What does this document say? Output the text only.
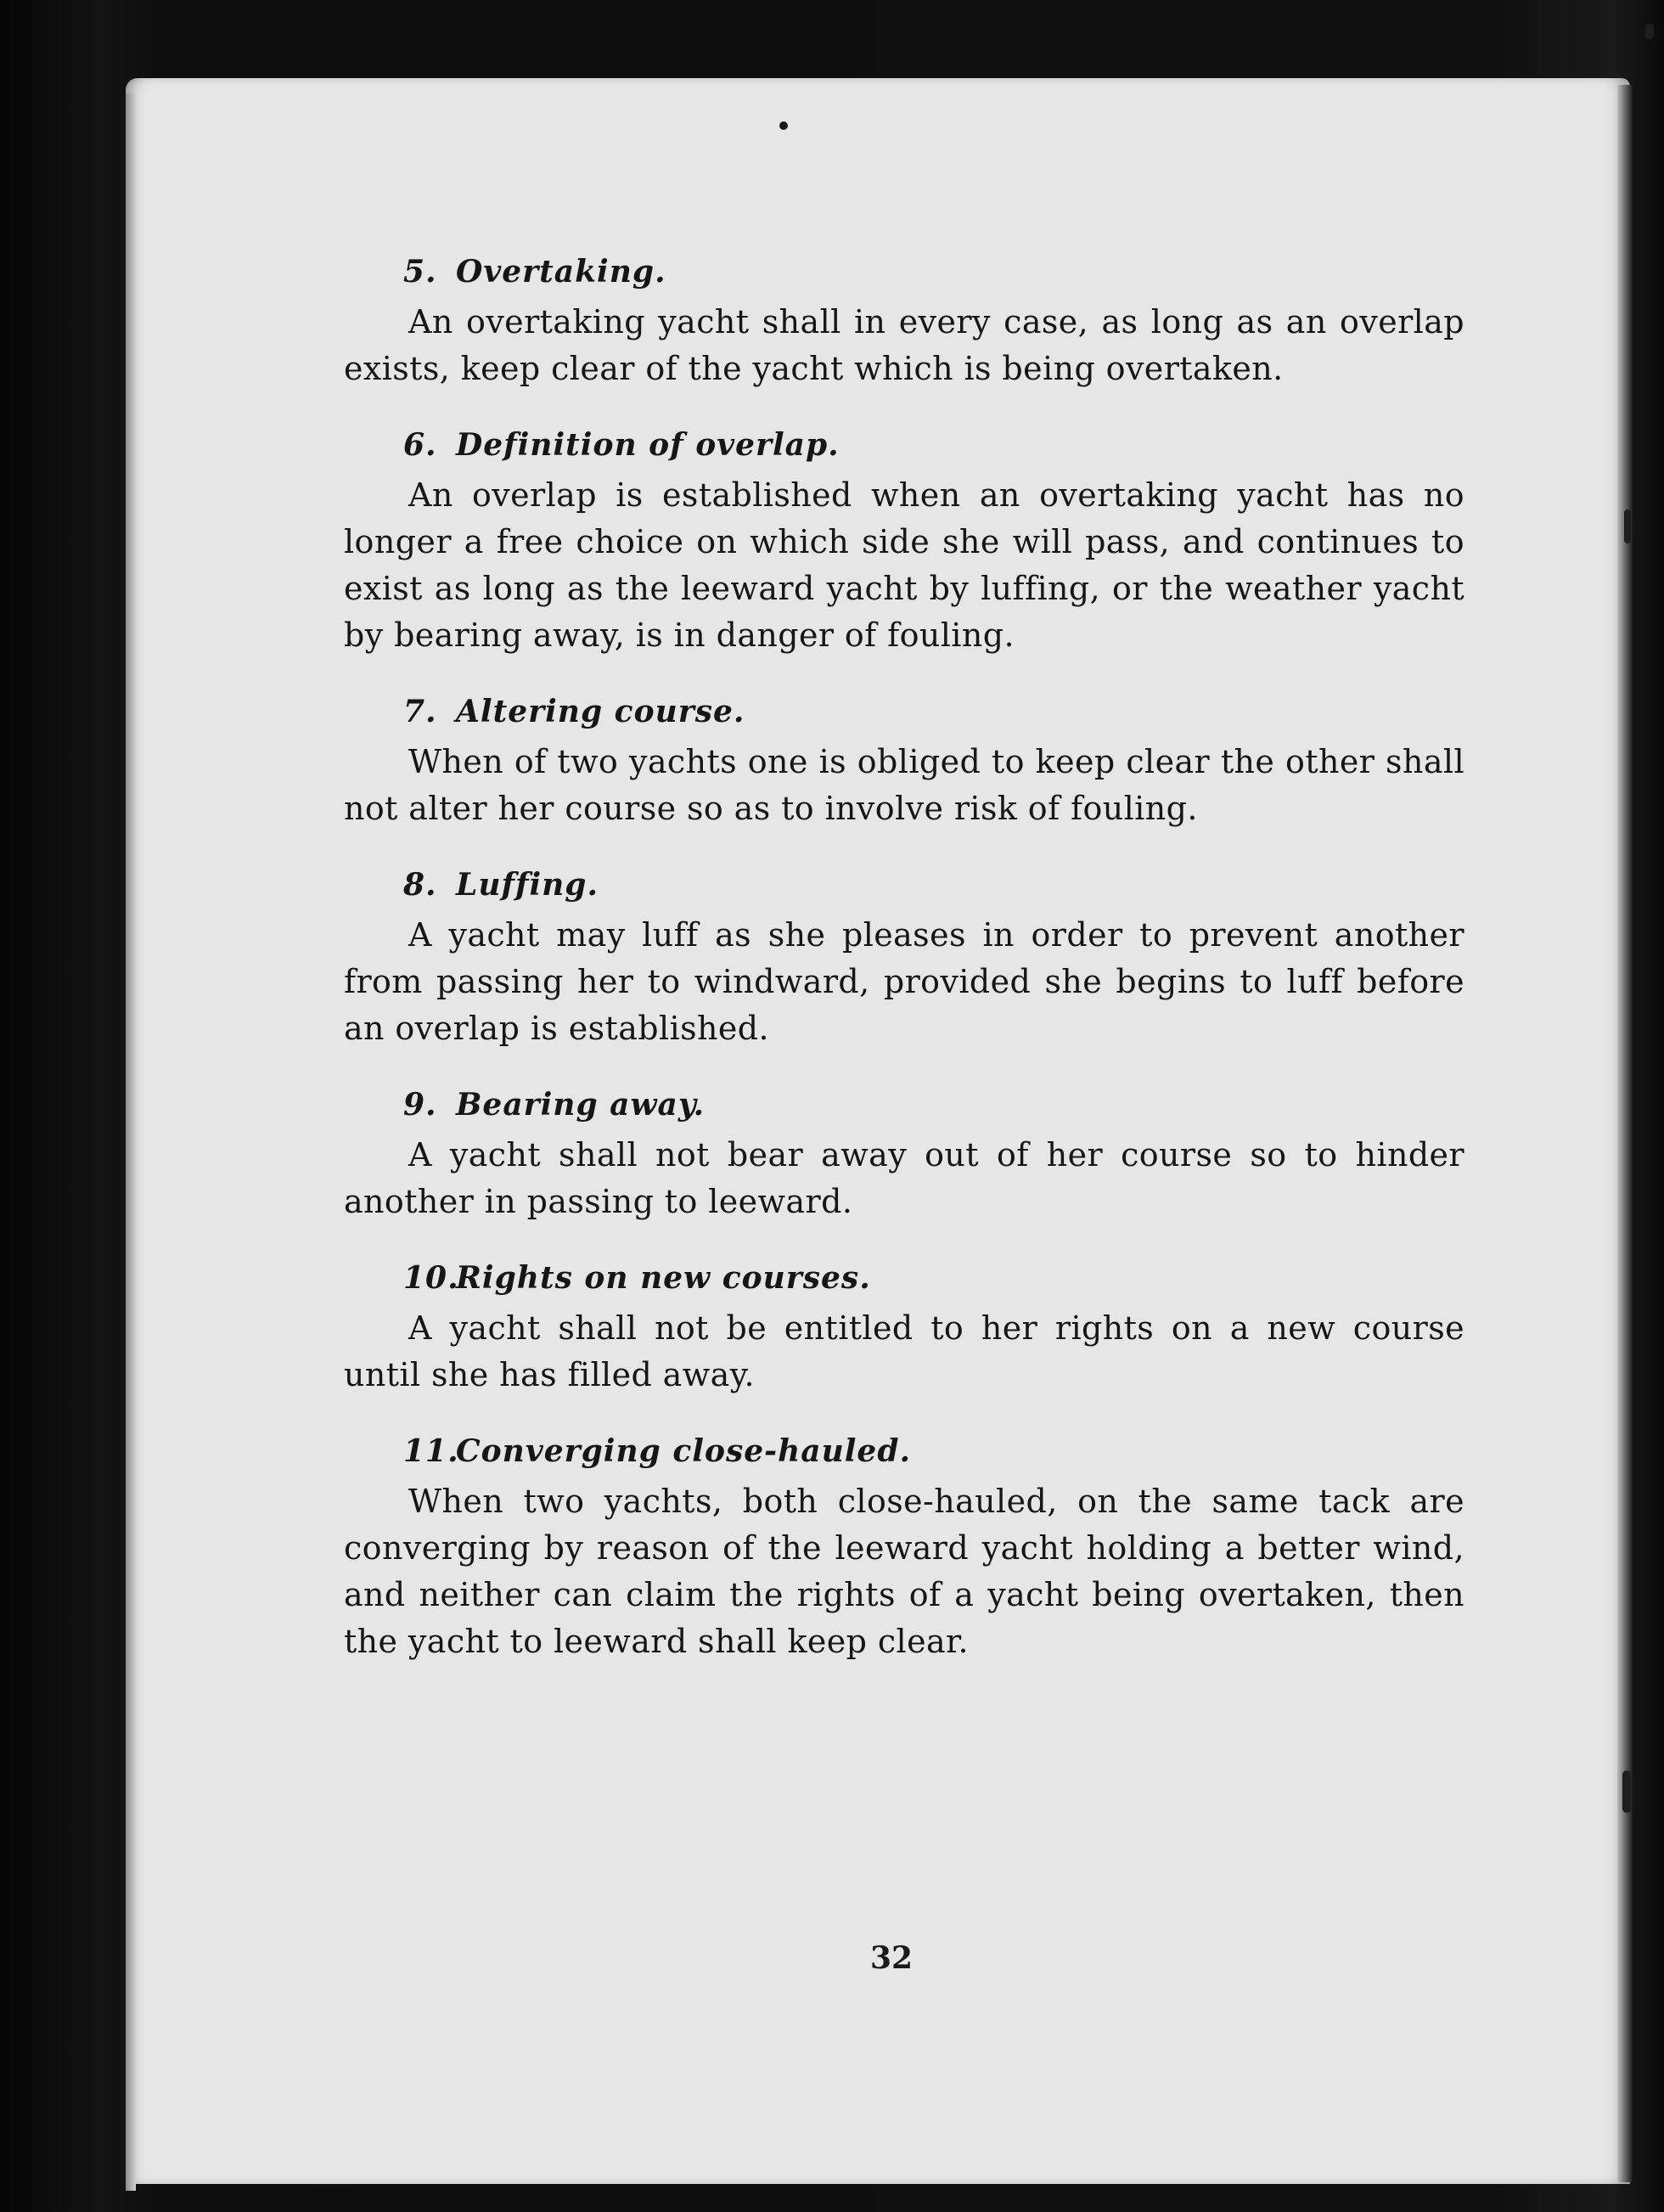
5. Overtaking.
An overtaking yacht shall in every case, as long as an overlap exists, keep clear of the yacht which is being overtaken.
6. Definition of overlap.
An overlap is established when an overtaking yacht has no longer a free choice on which side she will pass, and continues to exist as long as the leeward yacht by luffing, or the weather yacht by bearing away, is in danger of fouling.
7. Altering course.
When of two yachts one is obliged to keep clear the other shall not alter her course so as to involve risk of fouling.
8. Luffing.
A yacht may luff as she pleases in order to prevent another from passing her to windward, provided she begins to luff before an overlap is established.
9. Bearing away.
A yacht shall not bear away out of her course so to hinder another in passing to leeward.
10.Rights on new courses.
A yacht shall not be entitled to her rights on a new course until she has filled away.
11.Converging close-hauled.
When two yachts, both close-hauled, on the same tack are converging by reason of the leeward yacht holding a better wind, and neither can claim the rights of a yacht being overtaken, then the yacht to leeward shall keep clear.
32
